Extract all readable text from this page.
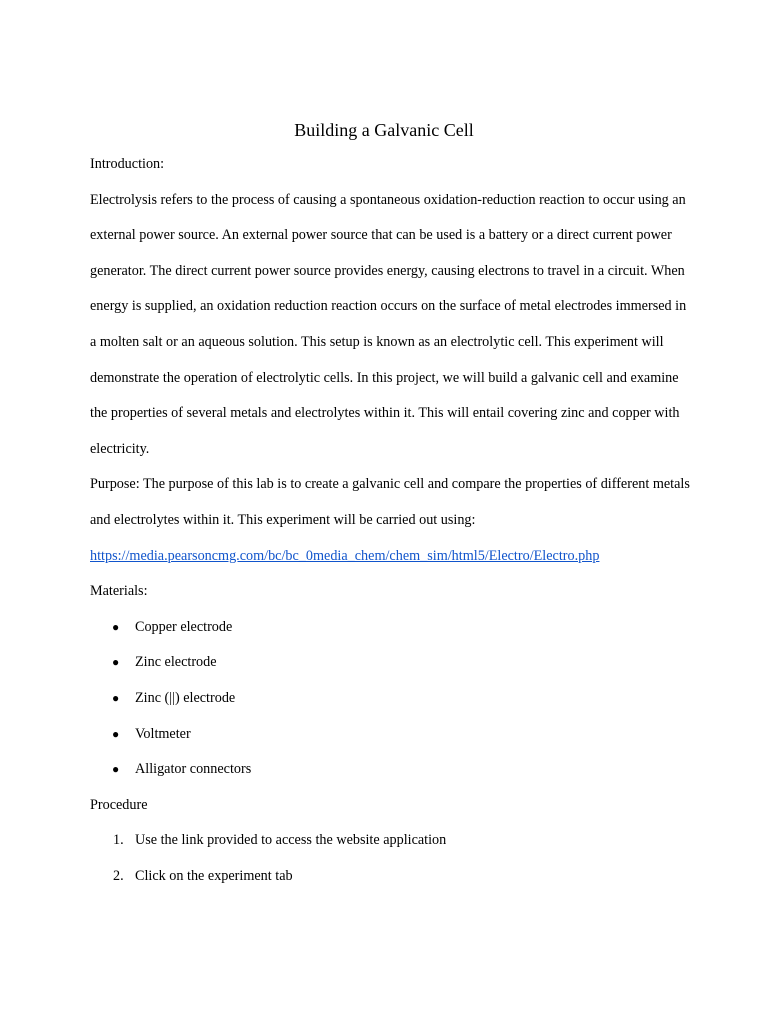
Building a Galvanic Cell

Introduction:

Electrolysis refers to the process of causing a spontaneous oxidation-reduction reaction to occur using an external power source. An external power source that can be used is a battery or a direct current power generator. The direct current power source provides energy, causing electrons to travel in a circuit. When energy is supplied, an oxidation reduction reaction occurs on the surface of metal electrodes immersed in a molten salt or an aqueous solution. This setup is known as an electrolytic cell. This experiment will demonstrate the operation of electrolytic cells. In this project, we will build a galvanic cell and examine the properties of several metals and electrolytes within it. This will entail covering zinc and copper with electricity.

Purpose: The purpose of this lab is to create a galvanic cell and compare the properties of different metals and electrolytes within it. This experiment will be carried out using:

https://media.pearsoncmg.com/bc/bc_0media_chem/chem_sim/html5/Electro/Electro.php

Materials:

● Copper electrode
● Zinc electrode
● Zinc (||) electrode
● Voltmeter
● Alligator connectors

Procedure

1. Use the link provided to access the website application
2. Click on the experiment tab
